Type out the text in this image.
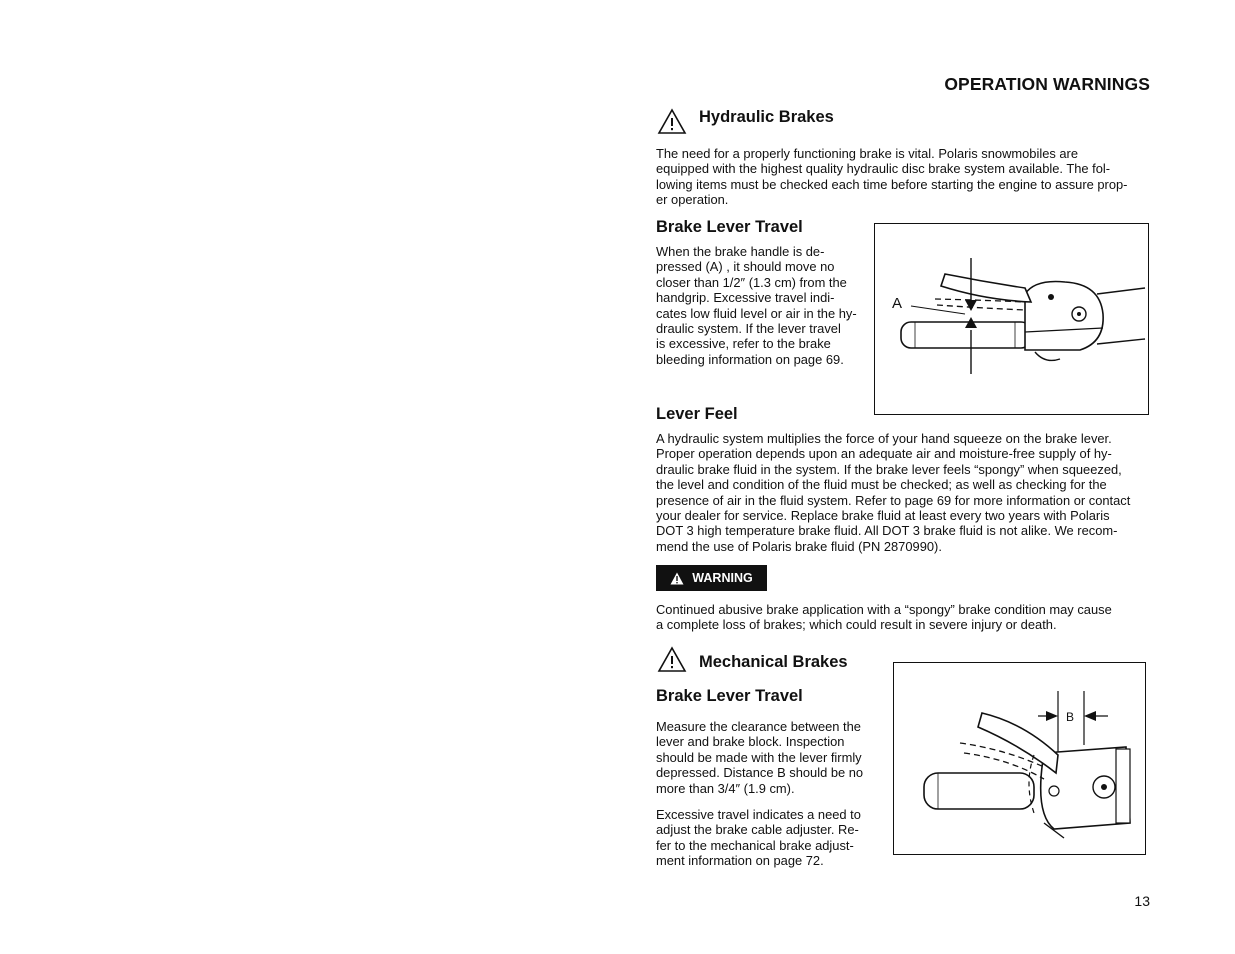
OPERATION WARNINGS
Hydraulic Brakes
The need for a properly functioning brake is vital. Polaris snowmobiles are
equipped with the highest quality hydraulic disc brake system available. The fol-
lowing items must be checked each time before starting the engine to assure prop-
er operation.
Brake Lever Travel
When the brake handle is de-
pressed (A) , it should move no
closer than 1/2″ (1.3 cm) from the
handgrip. Excessive travel indi-
cates low fluid level or air in the hy-
draulic system. If the lever travel
is excessive, refer to the brake
bleeding information on page 69.
A
Lever Feel
A hydraulic system multiplies the force of your hand squeeze on the brake lever.
Proper operation depends upon an adequate air and moisture-free supply of hy-
draulic brake fluid in the system. If the brake lever feels “spongy” when squeezed,
the level and condition of the fluid must be checked; as well as checking for the
presence of air in the fluid system. Refer to page 69 for more information or contact
your dealer for service. Replace brake fluid at least every two years with Polaris
DOT 3 high temperature brake fluid. All DOT 3 brake fluid is not alike. We recom-
mend the use of Polaris brake fluid (PN 2870990).
WARNING
Continued abusive brake application with a “spongy” brake condition may cause
a complete loss of brakes; which could result in severe injury or death.
Mechanical Brakes
Brake Lever Travel
Measure the clearance between the
lever and brake block. Inspection
should be made with the lever firmly
depressed. Distance B should be no
more than 3/4″ (1.9 cm).
Excessive travel indicates a need to
adjust the brake cable adjuster. Re-
fer to the mechanical brake adjust-
ment information on page 72.
B
13
